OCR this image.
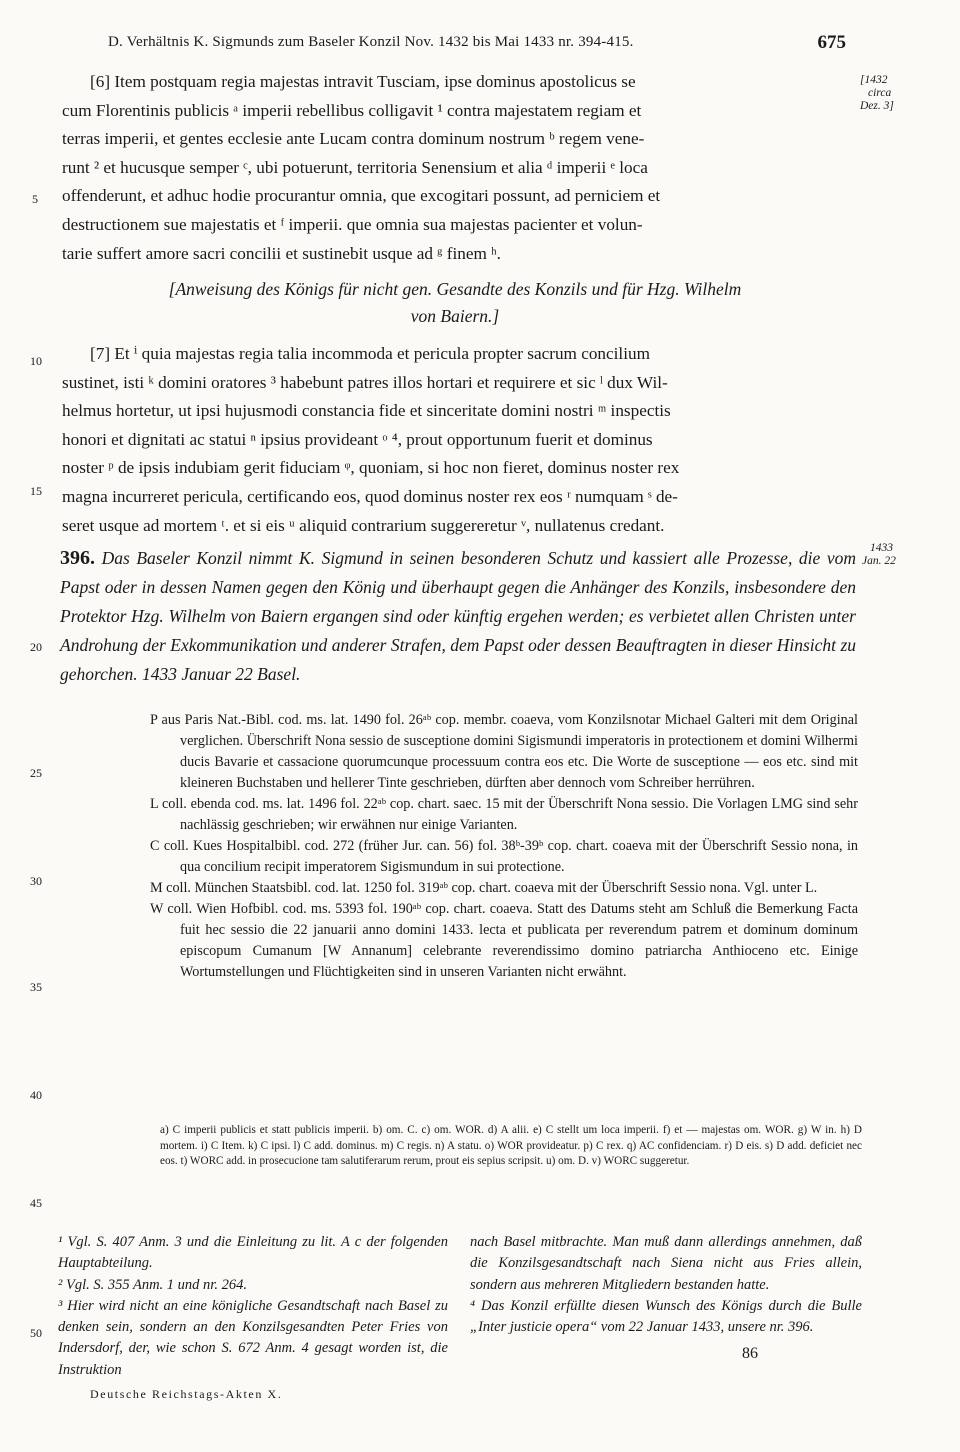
D. Verhältnis K. Sigmunds zum Baseler Konzil Nov. 1432 bis Mai 1433 nr. 394-415.	675
[1432
circa
Dez. 3]
1433
Jan. 22
5
10
15
20
25
30
35
40
45
50

[6] Item postquam regia majestas intravit Tusciam, ipse dominus apostolicus se

cum Florentinis publicis ᵃ imperii rebellibus colligavit ¹ contra majestatem regiam et

terras imperii, et gentes ecclesie ante Lucam contra dominum nostrum ᵇ regem vene-

runt ² et hucusque semper ᶜ, ubi potuerunt, territoria Senensium et alia ᵈ imperii ᵉ loca

offenderunt, et adhuc hodie procurantur omnia, que excogitari possunt, ad perniciem et

destructionem sue majestatis et ᶠ imperii. que omnia sua majestas pacienter et volun-

tarie suffert amore sacri concilii et sustinebit usque ad ᵍ finem ʰ.

[Anweisung des Königs für nicht gen. Gesandte des Konzils und für Hzg. Wilhelm
von Baiern.]

[7] Et ⁱ quia majestas regia talia incommoda et pericula propter sacrum concilium

sustinet, isti ᵏ domini oratores ³ habebunt patres illos hortari et requirere et sic ˡ dux Wil-

helmus hortetur, ut ipsi hujusmodi constancia fide et sinceritate domini nostri ᵐ inspectis

honori et dignitati ac statui ⁿ ipsius provideant ᵒ ⁴, prout opportunum fuerit et dominus

noster ᵖ de ipsis indubiam gerit fiduciam ᵠ, quoniam, si hoc non fieret, dominus noster rex

magna incurreret pericula, certificando eos, quod dominus noster rex eos ʳ numquam ˢ de-

seret usque ad mortem ᵗ. et si eis ᵘ aliquid contrarium suggereretur ᵛ, nullatenus credant.

396. Das Baseler Konzil nimmt K. Sigmund in seinen besonderen Schutz und kassiert alle Prozesse, die vom Papst oder in dessen Namen gegen den König und überhaupt gegen die Anhänger des Konzils, insbesondere den Protektor Hzg. Wilhelm von Baiern ergangen sind oder künftig ergehen werden; es verbietet allen Christen unter Androhung der Exkommunikation und anderer Strafen, dem Papst oder dessen Beauftragten in dieser Hinsicht zu gehorchen. 1433 Januar 22 Basel.

P aus Paris Nat.-Bibl. cod. ms. lat. 1490 fol. 26ᵃᵇ cop. membr. coaeva, vom Konzilsnotar Michael Galteri mit dem Original verglichen. Überschrift Nona sessio de susceptione domini Sigismundi imperatoris in protectionem et domini Wilhermi ducis Bavarie et cassacione quorumcunque processuum contra eos etc. Die Worte de susceptione — eos etc. sind mit kleineren Buchstaben und hellerer Tinte geschrieben, dürften aber dennoch vom Schreiber herrühren.

L coll. ebenda cod. ms. lat. 1496 fol. 22ᵃᵇ cop. chart. saec. 15 mit der Überschrift Nona sessio. Die Vorlagen LMG sind sehr nachlässig geschrieben; wir erwähnen nur einige Varianten.

C coll. Kues Hospitalbibl. cod. 272 (früher Jur. can. 56) fol. 38ᵇ-39ᵇ cop. chart. coaeva mit der Überschrift Sessio nona, in qua concilium recipit imperatorem Sigismundum in sui protectione.

M coll. München Staatsbibl. cod. lat. 1250 fol. 319ᵃᵇ cop. chart. coaeva mit der Überschrift Sessio nona. Vgl. unter L.

W coll. Wien Hofbibl. cod. ms. 5393 fol. 190ᵃᵇ cop. chart. coaeva. Statt des Datums steht am Schluß die Bemerkung Facta fuit hec sessio die 22 januarii anno domini 1433. lecta et publicata per reverendum patrem et dominum dominum episcopum Cumanum [W Annanum] celebrante reverendissimo domino patriarcha Anthioceno etc. Einige Wortumstellungen und Flüchtigkeiten sind in unseren Varianten nicht erwähnt.

a) C imperii publicis et statt publicis imperii. b) om. C. c) om. WOR. d) A alii. e) C stellt um loca imperii. f) et — majestas om. WOR. g) W in. h) D mortem. i) C Item. k) C ipsi. l) C add. dominus. m) C regis. n) A statu. o) WOR provideatur. p) C rex. q) AC confidenciam. r) D eis. s) D add. deficiet nec eos. t) WORC add. in prosecucione tam salutiferarum rerum, prout eis sepius scripsit. u) om. D. v) WORC suggeretur.

¹ Vgl. S. 407 Anm. 3 und die Einleitung zu lit. A c der folgenden Hauptabteilung.

² Vgl. S. 355 Anm. 1 und nr. 264.

³ Hier wird nicht an eine königliche Gesandtschaft nach Basel zu denken sein, sondern an den Konzilsgesandten Peter Fries von Indersdorf, der, wie schon S. 672 Anm. 4 gesagt worden ist, die Instruktion

nach Basel mitbrachte. Man muß dann allerdings annehmen, daß die Konzilsgesandtschaft nach Siena nicht aus Fries allein, sondern aus mehreren Mitgliedern bestanden hatte.

⁴ Das Konzil erfüllte diesen Wunsch des Königs durch die Bulle „Inter justicie opera“ vom 22 Januar 1433, unsere nr. 396.

86
Deutsche Reichstags-Akten X.
